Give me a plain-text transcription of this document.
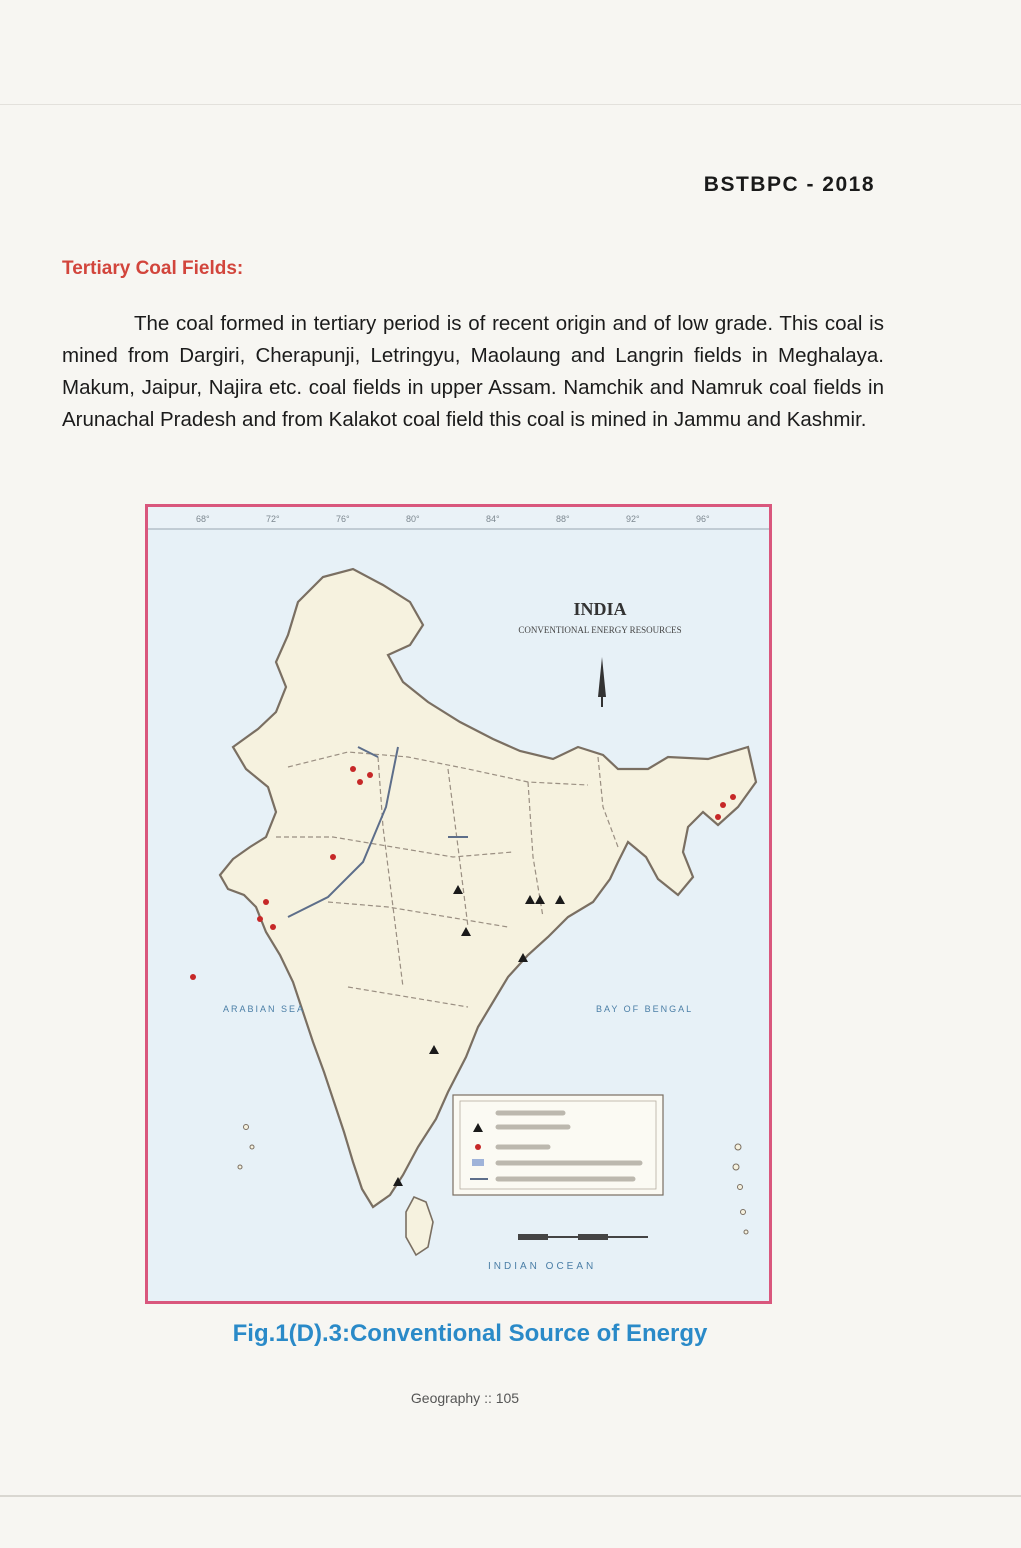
BSTBPC - 2018
Tertiary Coal Fields:

The coal formed in tertiary period is of recent origin and of low grade. This coal is mined from Dargiri, Cherapunji, Letringyu, Maolaung and Langrin fields in Meghalaya. Makum, Jaipur, Najira etc. coal fields in upper Assam. Namchik and Namruk coal fields in Arunachal Pradesh and from Kalakot coal field this coal is mined in Jammu and Kashmir.

68°	72°	76°	80°	84°	88°	92°	96°
INDIA
CONVENTIONAL ENERGY RESOURCES
ARABIAN SEA	BAY OF BENGAL
INDIAN OCEAN
Fig.1(D).3:Conventional Source of Energy
Geography :: 105
